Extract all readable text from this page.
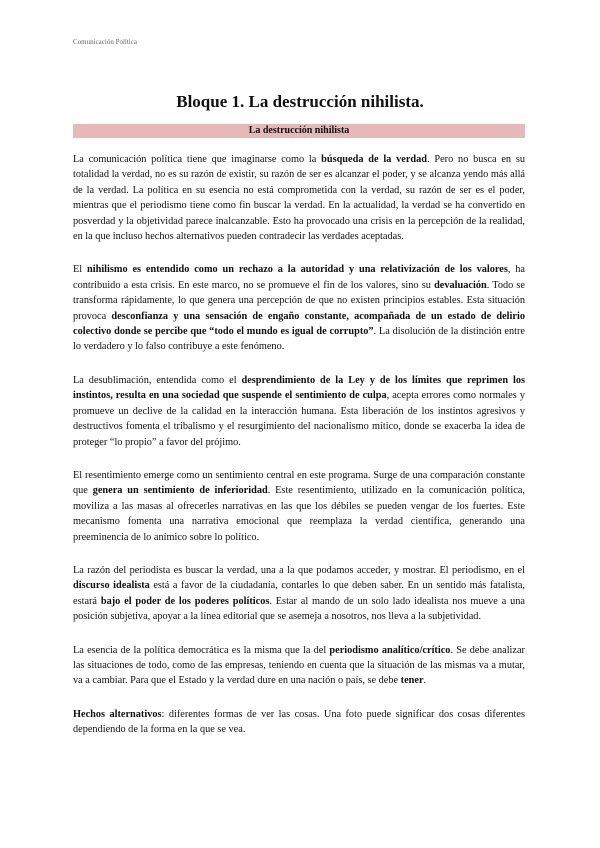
Comunicación Política
Bloque 1. La destrucción nihilista.
La destrucción nihilista

La comunicación política tiene que imaginarse como la búsqueda de la verdad. Pero no busca en su totalidad la verdad, no es su razón de existir, su razón de ser es alcanzar el poder, y se alcanza yendo más allá de la verdad. La política en su esencia no está comprometida con la verdad, su razón de ser es el poder, mientras que el periodismo tiene como fin buscar la verdad. En la actualidad, la verdad se ha convertido en posverdad y la objetividad parece inalcanzable. Esto ha provocado una crisis en la percepción de la realidad, en la que incluso hechos alternativos pueden contradecir las verdades aceptadas.

El nihilismo es entendido como un rechazo a la autoridad y una relativización de los valores, ha contribuido a esta crisis. En este marco, no se promueve el fin de los valores, sino su devaluación. Todo se transforma rápidamente, lo que genera una percepción de que no existen principios estables. Esta situación provoca desconfianza y una sensación de engaño constante, acompañada de un estado de delirio colectivo donde se percibe que “todo el mundo es igual de corrupto”. La disolución de la distinción entre lo verdadero y lo falso contribuye a este fenómeno.

La desublimación, entendida como el desprendimiento de la Ley y de los límites que reprimen los instintos, resulta en una sociedad que suspende el sentimiento de culpa, acepta errores como normales y promueve un declive de la calidad en la interacción humana. Esta liberación de los instintos agresivos y destructivos fomenta el tribalismo y el resurgimiento del nacionalismo mítico, donde se exacerba la idea de proteger “lo propio” a favor del prójimo.

El resentimiento emerge como un sentimiento central en este programa. Surge de una comparación constante que genera un sentimiento de inferioridad. Este resentimiento, utilizado en la comunicación política, moviliza a las masas al ofrecerles narrativas en las que los débiles se pueden vengar de los fuertes. Este mecanismo fomenta una narrativa emocional que reemplaza la verdad científica, generando una preeminencia de lo anímico sobre lo político.

La razón del periodista es buscar la verdad, una a la que podamos acceder, y mostrar. El periodismo, en el discurso idealista está a favor de la ciudadanía, contarles lo que deben saber. En un sentido más fatalista, estará bajo el poder de los poderes políticos. Estar al mando de un solo lado idealista nos mueve a una posición subjetiva, apoyar a la línea editorial que se asemeja a nosotros, nos lleva a la subjetividad.

La esencia de la política democrática es la misma que la del periodismo analítico/crítico. Se debe analizar las situaciones de todo, como de las empresas, teniendo en cuenta que la situación de las mismas va a mutar, va a cambiar. Para que el Estado y la verdad dure en una nación o país, se debe tener.

Hechos alternativos: diferentes formas de ver las cosas. Una foto puede significar dos cosas diferentes dependiendo de la forma en la que se vea.
